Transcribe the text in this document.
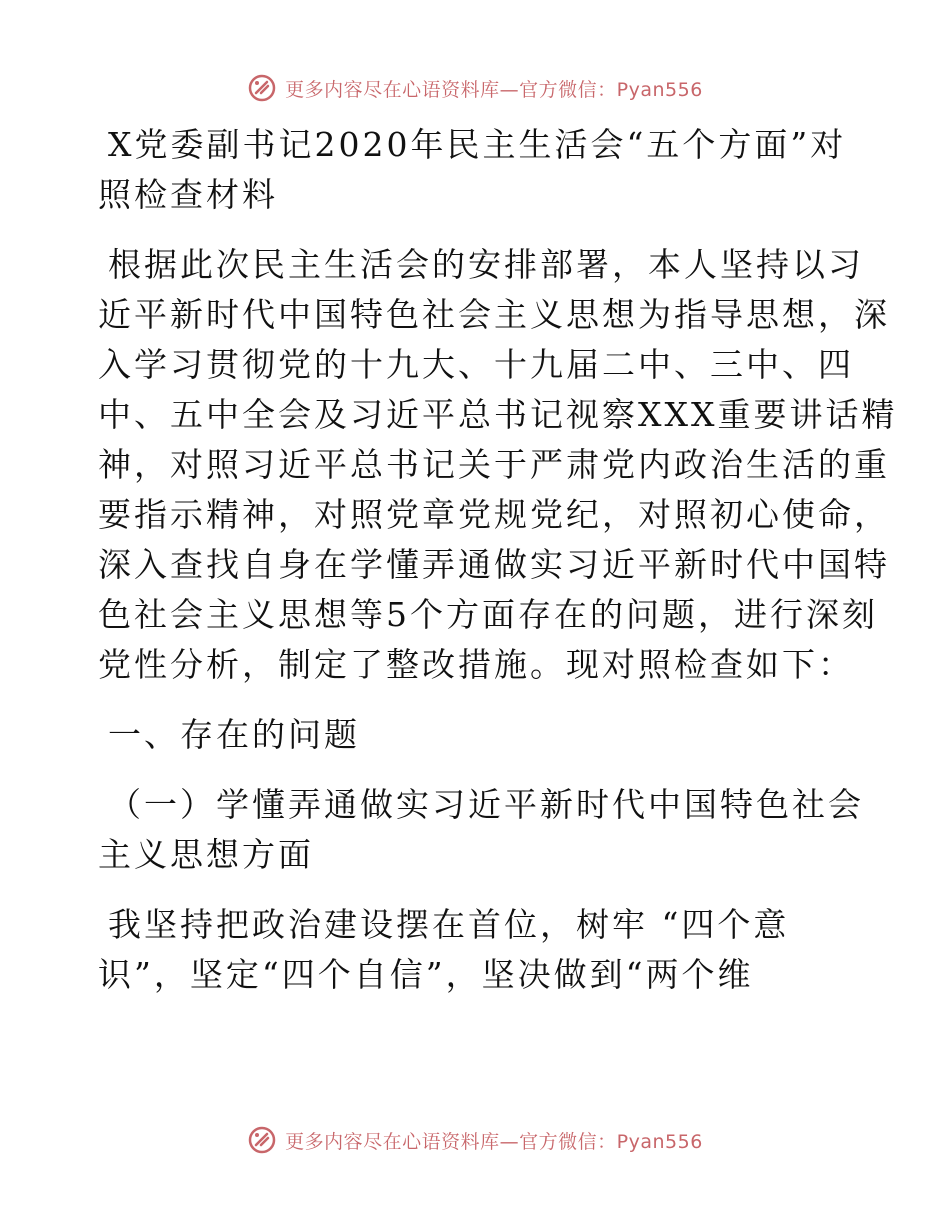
更多内容尽在心语资料库—官方微信：Pyan556
X党委副书记2020年民主生活会“五个方面”对
照检查材料
根据此次民主生活会的安排部署，本人坚持以习
近平新时代中国特色社会主义思想为指导思想，深
入学习贯彻党的十九大、十九届二中、三中、四
中、五中全会及习近平总书记视察XXX重要讲话精
神，对照习近平总书记关于严肃党内政治生活的重
要指示精神，对照党章党规党纪，对照初心使命，
深入查找自身在学懂弄通做实习近平新时代中国特
色社会主义思想等5个方面存在的问题，进行深刻
党性分析，制定了整改措施。现对照检查如下：
一、存在的问题
（一）学懂弄通做实习近平新时代中国特色社会
主义思想方面
我坚持把政治建设摆在首位，树牢 “四个意
识”，坚定“四个自信”，坚决做到“两个维
更多内容尽在心语资料库—官方微信：Pyan556
